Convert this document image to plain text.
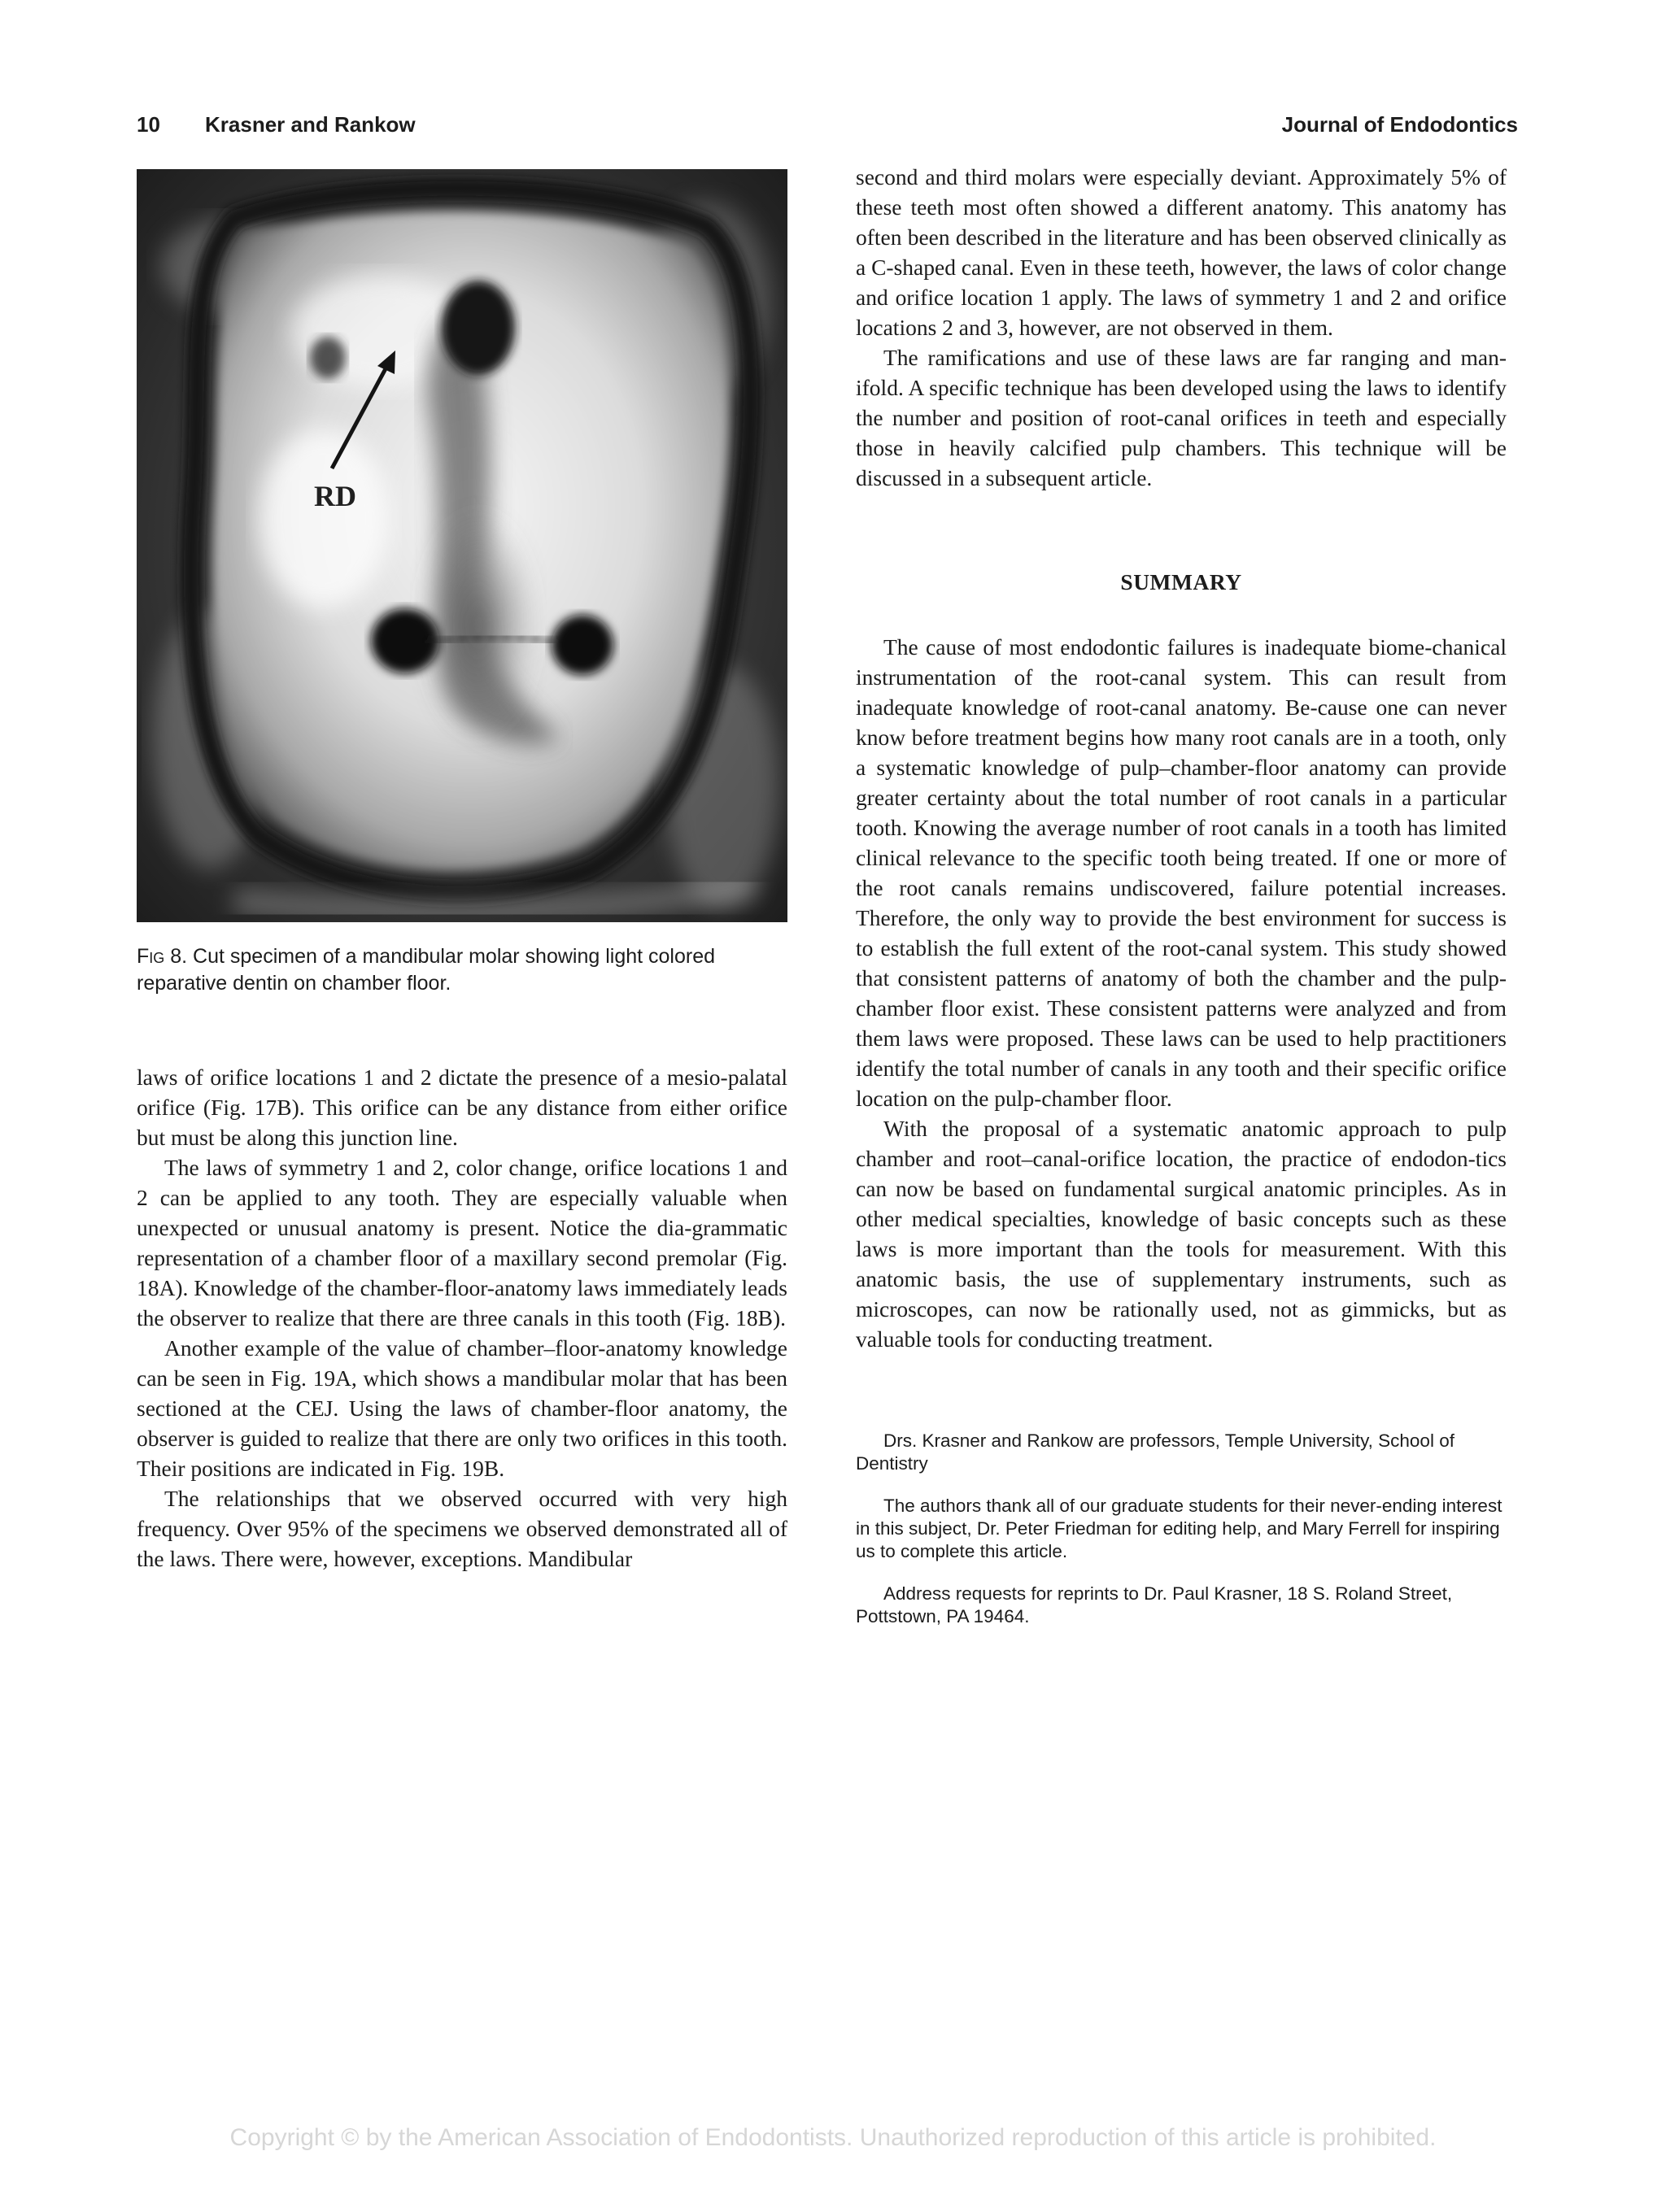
10 Krasner and Rankow	Journal of Endodontics
RD
Fig 8. Cut specimen of a mandibular molar showing light colored reparative dentin on chamber floor.

laws of orifice locations 1 and 2 dictate the presence of a mesio-palatal orifice (Fig. 17B). This orifice can be any distance from either orifice but must be along this junction line.

The laws of symmetry 1 and 2, color change, orifice locations 1 and 2 can be applied to any tooth. They are especially valuable when unexpected or unusual anatomy is present. Notice the dia-grammatic representation of a chamber floor of a maxillary second premolar (Fig. 18A). Knowledge of the chamber-floor-anatomy laws immediately leads the observer to realize that there are three canals in this tooth (Fig. 18B).

Another example of the value of chamber–floor-anatomy knowledge can be seen in Fig. 19A, which shows a mandibular molar that has been sectioned at the CEJ. Using the laws of chamber-floor anatomy, the observer is guided to realize that there are only two orifices in this tooth. Their positions are indicated in Fig. 19B.

The relationships that we observed occurred with very high frequency. Over 95% of the specimens we observed demonstrated all of the laws. There were, however, exceptions. Mandibular

second and third molars were especially deviant. Approximately 5% of these teeth most often showed a different anatomy. This anatomy has often been described in the literature and has been observed clinically as a C-shaped canal. Even in these teeth, however, the laws of color change and orifice location 1 apply. The laws of symmetry 1 and 2 and orifice locations 2 and 3, however, are not observed in them.

The ramifications and use of these laws are far ranging and man-ifold. A specific technique has been developed using the laws to identify the number and position of root-canal orifices in teeth and especially those in heavily calcified pulp chambers. This technique will be discussed in a subsequent article.

SUMMARY

The cause of most endodontic failures is inadequate biome-chanical instrumentation of the root-canal system. This can result from inadequate knowledge of root-canal anatomy. Be-cause one can never know before treatment begins how many root canals are in a tooth, only a systematic knowledge of pulp–chamber-floor anatomy can provide greater certainty about the total number of root canals in a particular tooth. Knowing the average number of root canals in a tooth has limited clinical relevance to the specific tooth being treated. If one or more of the root canals remains undiscovered, failure potential increases. Therefore, the only way to provide the best environment for success is to establish the full extent of the root-canal system. This study showed that consistent patterns of anatomy of both the chamber and the pulp-chamber floor exist. These consistent patterns were analyzed and from them laws were proposed. These laws can be used to help practitioners identify the total number of canals in any tooth and their specific orifice location on the pulp-chamber floor.

With the proposal of a systematic anatomic approach to pulp chamber and root–canal-orifice location, the practice of endodon-tics can now be based on fundamental surgical anatomic principles. As in other medical specialties, knowledge of basic concepts such as these laws is more important than the tools for measurement. With this anatomic basis, the use of supplementary instruments, such as microscopes, can now be rationally used, not as gimmicks, but as valuable tools for conducting treatment.

Drs. Krasner and Rankow are professors, Temple University, School of Dentistry

The authors thank all of our graduate students for their never-ending interest in this subject, Dr. Peter Friedman for editing help, and Mary Ferrell for inspiring us to complete this article.

Address requests for reprints to Dr. Paul Krasner, 18 S. Roland Street, Pottstown, PA 19464.

Copyright © by the American Association of Endodontists. Unauthorized reproduction of this article is prohibited.
